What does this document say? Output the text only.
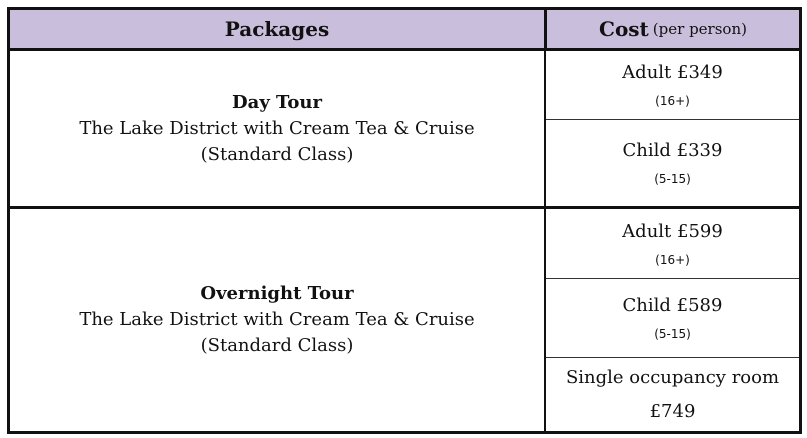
Packages	Cost (per person)
Day Tour
The Lake District with Cream Tea & Cruise (Standard Class)
Adult £349
(16+)
Child £339
(5-15)
Overnight Tour
The Lake District with Cream Tea & Cruise (Standard Class)
Adult £599
(16+)
Child £589
(5-15)
Single occupancy room
£749
